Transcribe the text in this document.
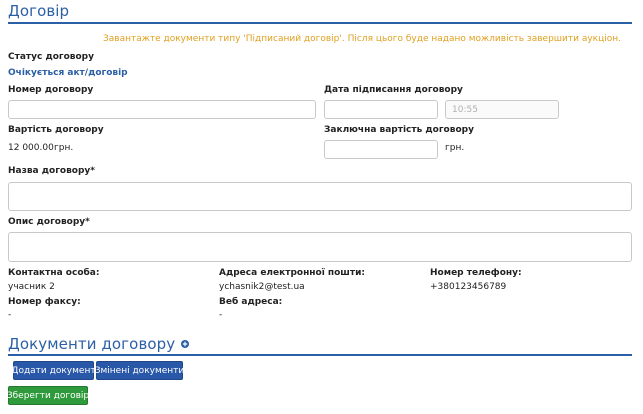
Договір
Завантажте документи типу 'Підписаний договір'. Після цього буде надано можливість завершити аукціон.
Статус договору
Очікується акт/договір
Номер договору	Дата підписання договору
10:55
Вартість договору
12 000.00 грн.
Заключна вартість договору
грн.
Назва договору*
Опис договору*
Контактна особа:
учасник 2
Адреса електронної пошти:
ychasnik2@test.ua
Номер телефону:
+380123456789
Номер факсу:
-
Веб адреса:
-
Документи договору
Додати документ Змінені документи
Зберегти договір
